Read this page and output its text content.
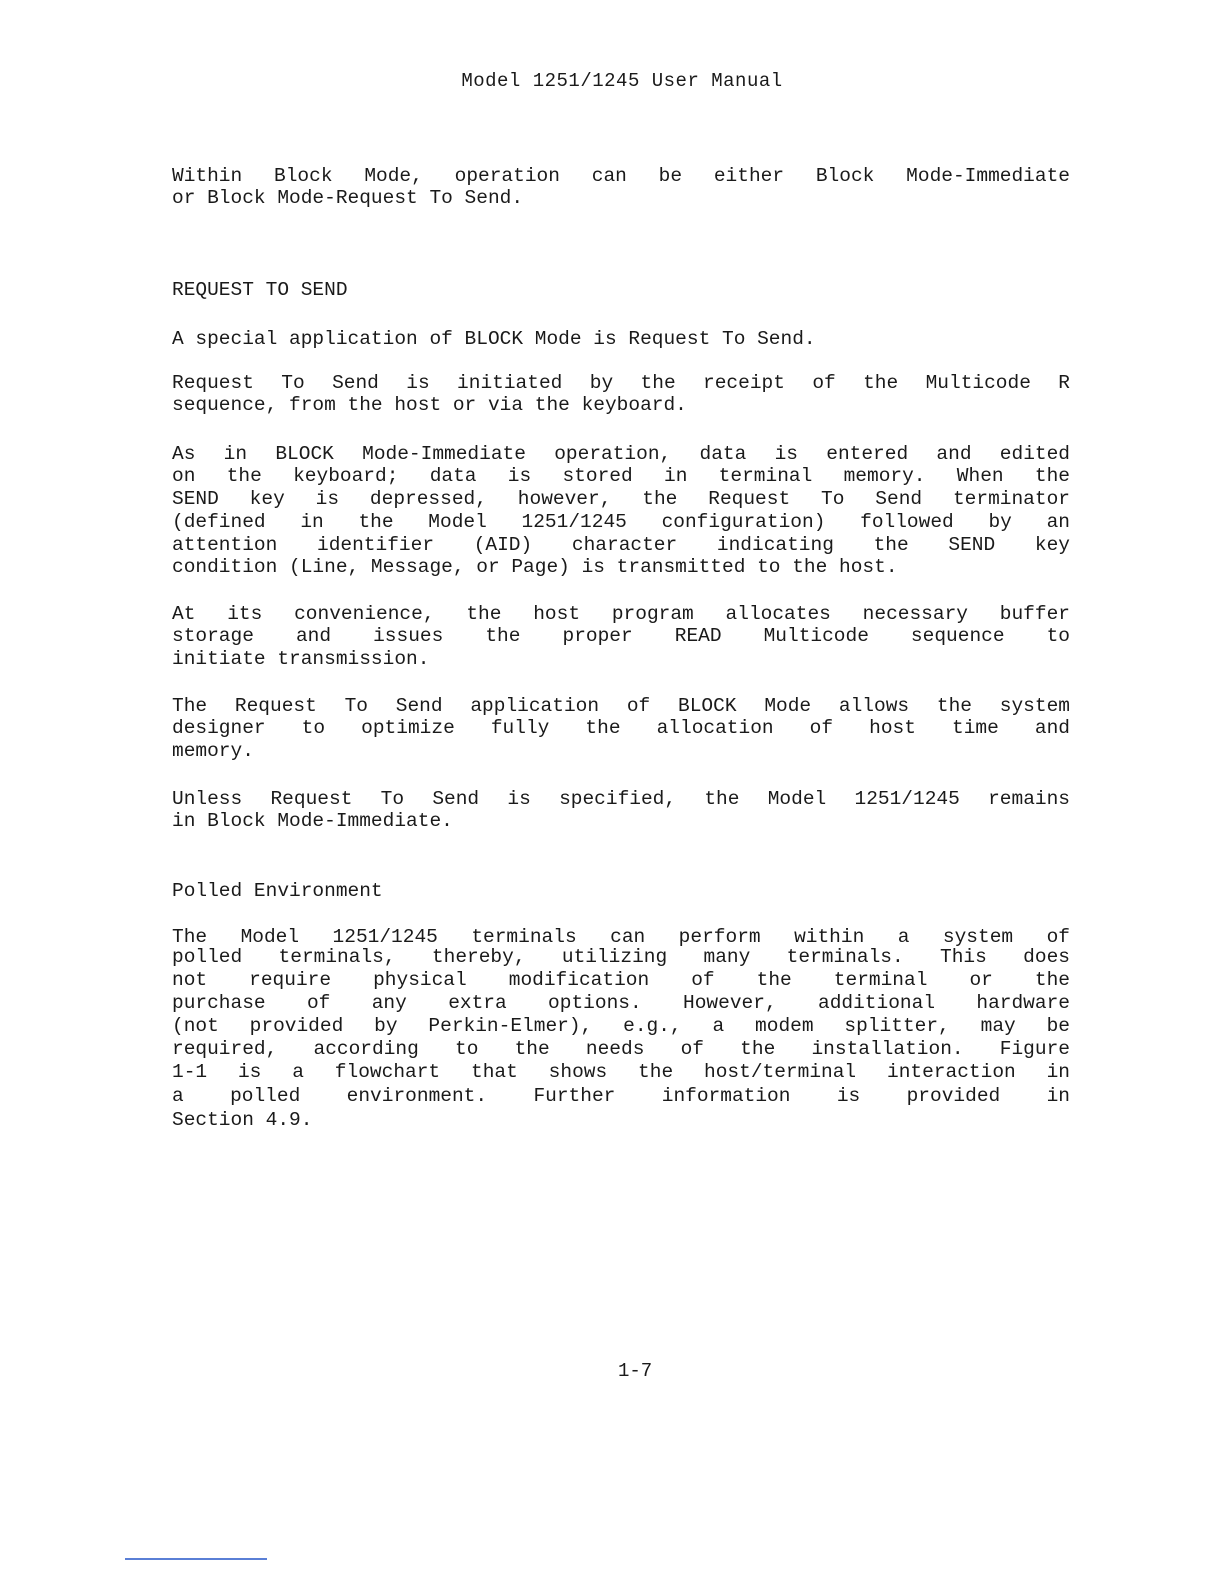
Model 1251/1245 User Manual
Within Block Mode, operation can be either Block Mode-Immediate
or Block Mode-Request To Send.
REQUEST TO SEND
A special application of BLOCK Mode is Request To Send.
Request To Send is initiated by the receipt of the Multicode R
sequence, from the host or via the keyboard.
As in BLOCK Mode-Immediate operation, data is entered and edited
on the keyboard; data is stored in terminal memory. When the
SEND key is depressed, however, the Request To Send terminator
(defined in the Model 1251/1245 configuration) followed by an
attention identifier (AID) character indicating the SEND key
condition (Line, Message, or Page) is transmitted to the host.
At its convenience, the host program allocates necessary buffer
storage and issues the proper READ Multicode sequence to
initiate transmission.
The Request To Send application of BLOCK Mode allows the system
designer to optimize fully the allocation of host time and
memory.
Unless Request To Send is specified, the Model 1251/1245 remains
in Block Mode-Immediate.
Polled Environment
The Model 1251/1245 terminals can perform within a system of
polled terminals, thereby, utilizing many terminals. This does
not require physical modification of the terminal or the
purchase of any extra options. However, additional hardware
(not provided by Perkin-Elmer), e.g., a modem splitter, may be
required, according to the needs of the installation. Figure
1-1 is a flowchart that shows the host/terminal interaction in
a polled environment. Further information is provided in
Section 4.9.
1-7
